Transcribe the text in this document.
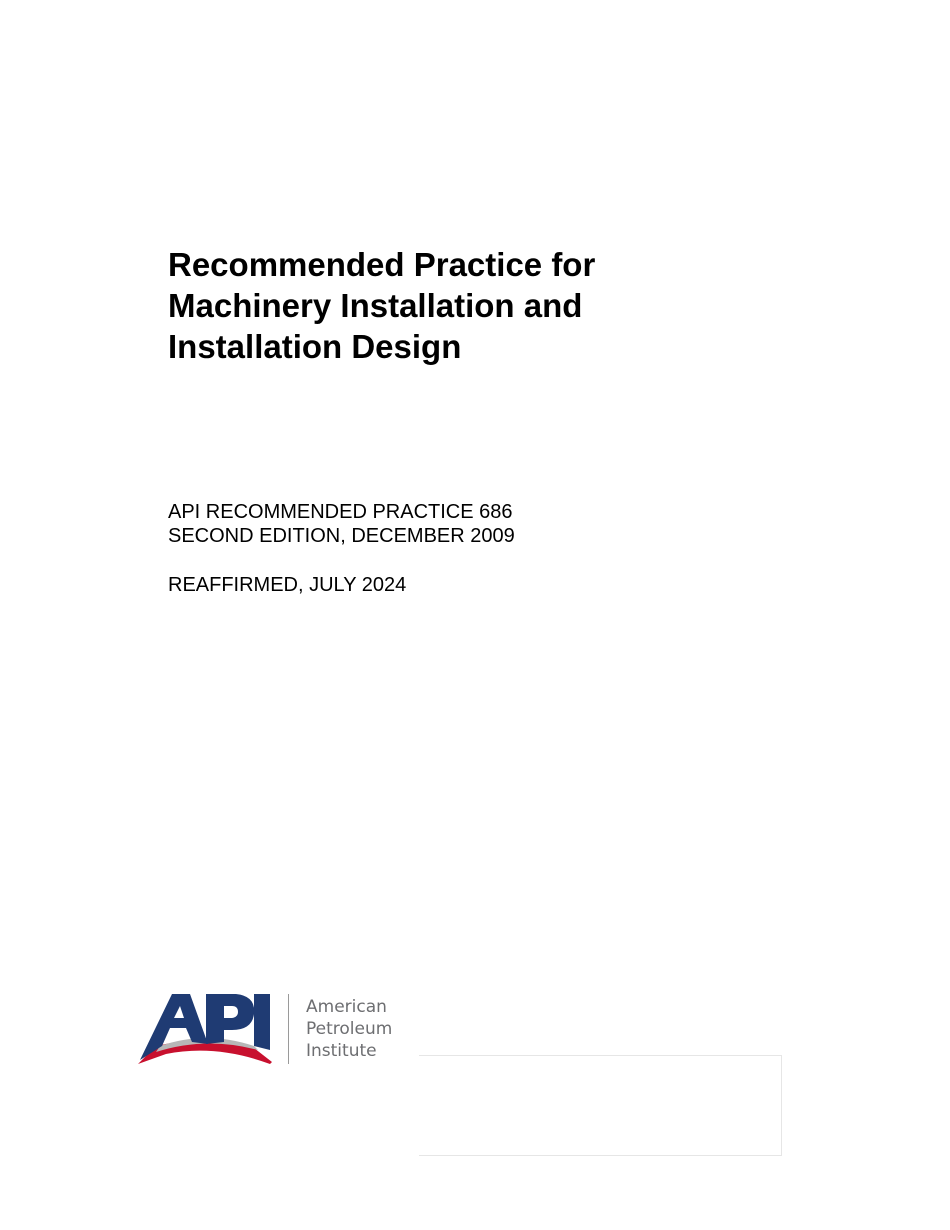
Recommended Practice for
Machinery Installation and
Installation Design
API RECOMMENDED PRACTICE 686
SECOND EDITION, DECEMBER 2009
REAFFIRMED, JULY 2024
American
Petroleum
Institute
